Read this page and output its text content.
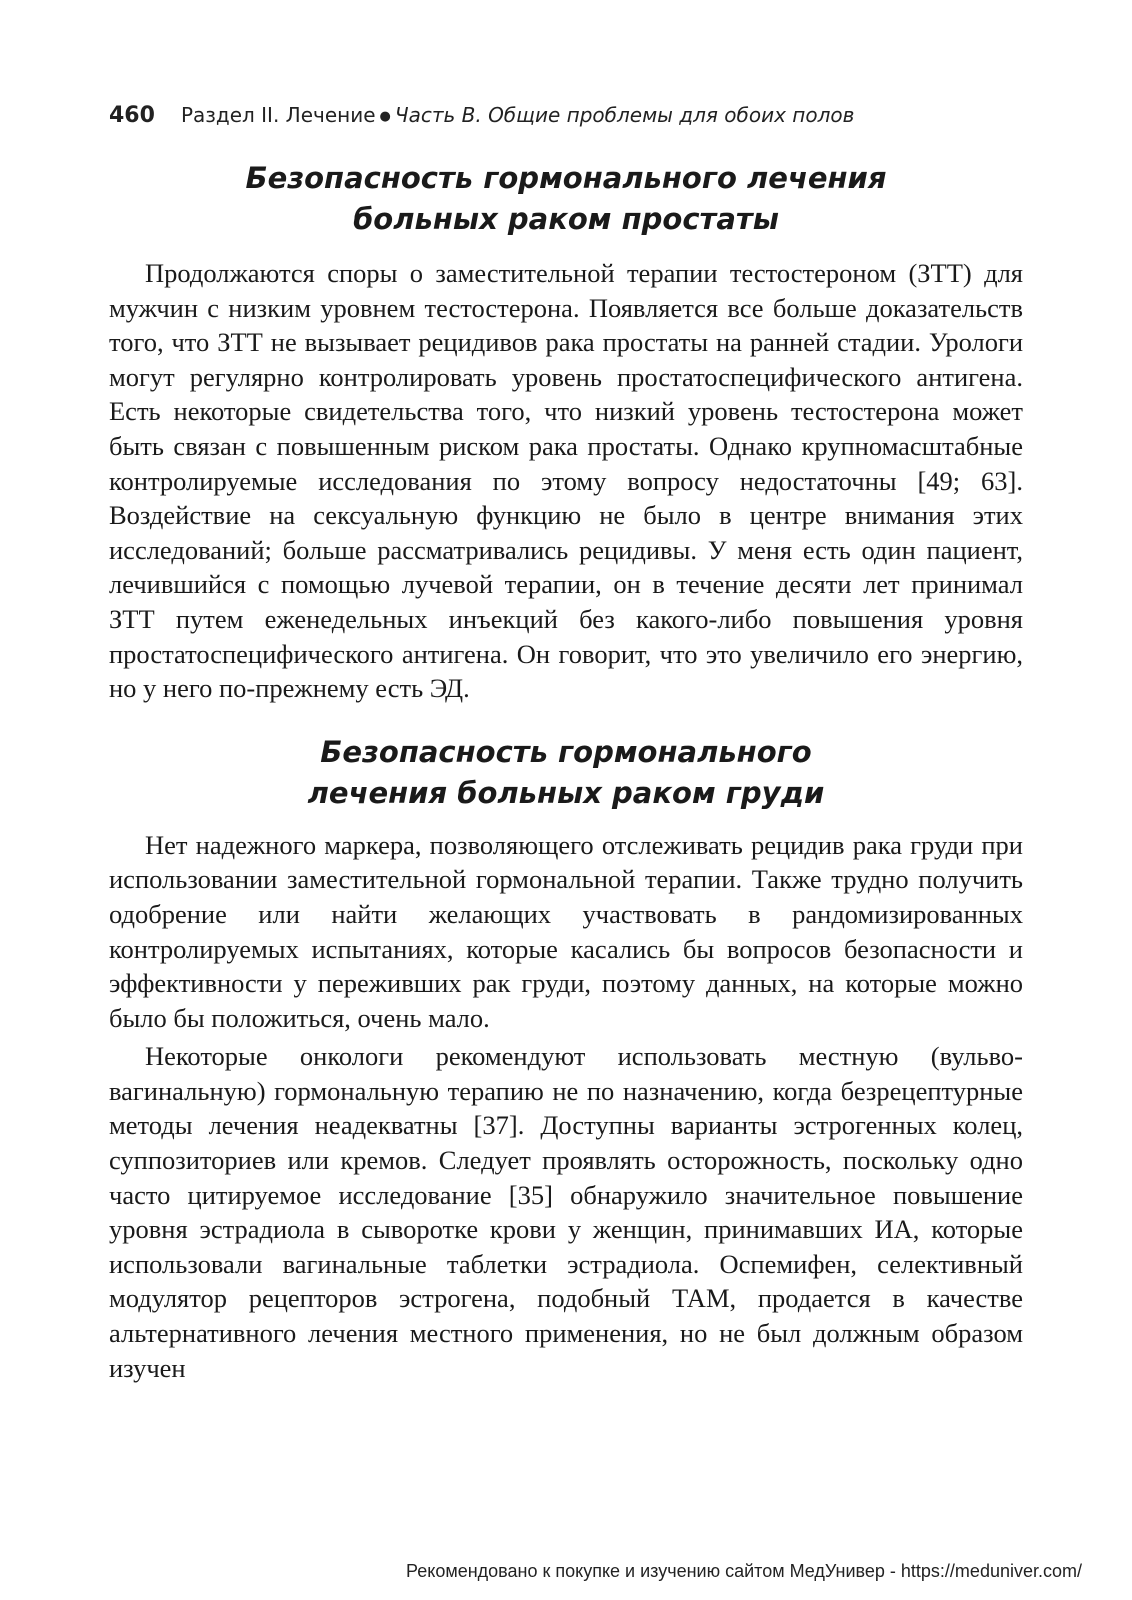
460 Раздел II. Лечение ● Часть В. Общие проблемы для обоих полов
Безопасность гормонального лечения
больных раком простаты

Продолжаются споры о заместительной терапии тестостероном (ЗТТ) для мужчин с низким уровнем тестостерона. Появляется все больше доказательств того, что ЗТТ не вызывает рецидивов рака простаты на ранней стадии. Урологи могут регулярно контролировать уровень простатоспецифического антигена. Есть некоторые свидетельства того, что низкий уровень тестостерона может быть связан с повышенным риском рака простаты. Однако крупномасштабные контролируемые исследования по этому вопросу недостаточны [49; 63]. Воздействие на сексуальную функцию не было в центре внимания этих исследований; больше рассматривались рецидивы. У меня есть один пациент, лечившийся с помощью лучевой терапии, он в течение десяти лет принимал ЗТТ путем еженедельных инъекций без какого-либо повышения уровня простатоспецифического антигена. Он говорит, что это увеличило его энергию, но у него по-прежнему есть ЭД.

Безопасность гормонального
лечения больных раком груди

Нет надежного маркера, позволяющего отслеживать рецидив рака груди при использовании заместительной гормональной терапии. Также трудно получить одобрение или найти желающих участвовать в рандомизированных контролируемых испытаниях, которые касались бы вопросов безопасности и эффективности у переживших рак груди, поэтому данных, на которые можно было бы положиться, очень мало.

Некоторые онкологи рекомендуют использовать местную (вульвовагинальную) гормональную терапию не по назначению, когда безрецептурные методы лечения неадекватны [37]. Доступны варианты эстрогенных колец, суппозиториев или кремов. Следует проявлять осторожность, поскольку одно часто цитируемое исследование [35] обнаружило значительное повышение уровня эстрадиола в сыворотке крови у женщин, принимавших ИА, которые использовали вагинальные таблетки эстрадиола. Оспемифен, селективный модулятор рецепторов эстрогена, подобный ТАМ, продается в качестве альтернативного лечения местного применения, но не был должным образом изучен

Рекомендовано к покупке и изучению сайтом МедУнивер - https://meduniver.com/
